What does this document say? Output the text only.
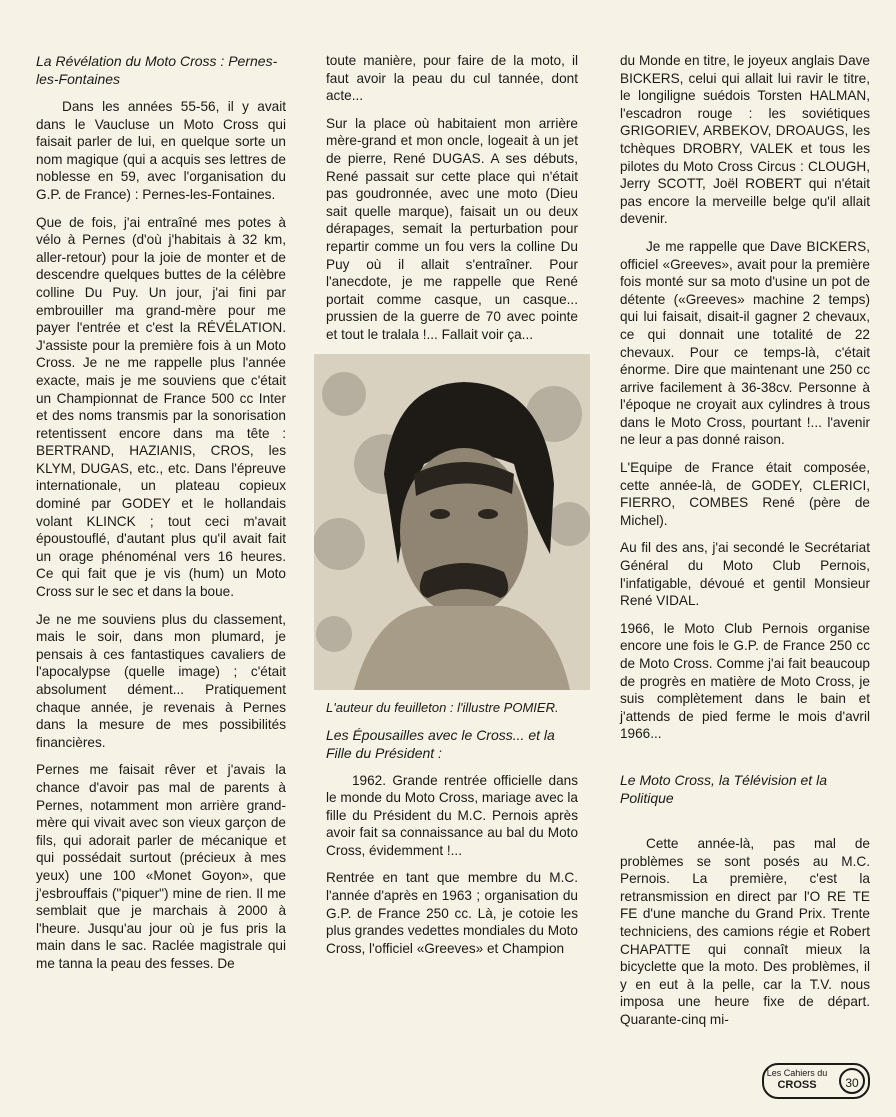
La Révélation du Moto Cross : Pernes-les-Fontaines

Dans les années 55-56, il y avait dans le Vaucluse un Moto Cross qui faisait parler de lui, en quelque sorte un nom magique (qui a acquis ses lettres de noblesse en 59, avec l'organisation du G.P. de France) : Pernes-les-Fontaines.

Que de fois, j'ai entraîné mes potes à vélo à Pernes (d'où j'habitais à 32 km, aller-retour) pour la joie de monter et de descendre quelques buttes de la célèbre colline Du Puy. Un jour, j'ai fini par embrouiller ma grand-mère pour me payer l'entrée et c'est la RÉVÉLATION. J'assiste pour la première fois à un Moto Cross. Je ne me rappelle plus l'année exacte, mais je me souviens que c'était un Championnat de France 500 cc Inter et des noms transmis par la sonorisation retentissent encore dans ma tête : BERTRAND, HAZIANIS, CROS, les KLYM, DUGAS, etc., etc. Dans l'épreuve internationale, un plateau copieux dominé par GODEY et le hollandais volant KLINCK ; tout ceci m'avait époustouflé, d'autant plus qu'il avait fait un orage phénoménal vers 16 heures. Ce qui fait que je vis (hum) un Moto Cross sur le sec et dans la boue.

Je ne me souviens plus du classement, mais le soir, dans mon plumard, je pensais à ces fantastiques cavaliers de l'apocalypse (quelle image) ; c'était absolument dément... Pratiquement chaque année, je revenais à Pernes dans la mesure de mes possibilités financières.

Pernes me faisait rêver et j'avais la chance d'avoir pas mal de parents à Pernes, notamment mon arrière grand-mère qui vivait avec son vieux garçon de fils, qui adorait parler de mécanique et qui possédait surtout (précieux à mes yeux) une 100 «Monet Goyon», que j'esbrouffais ("piquer") mine de rien. Il me semblait que je marchais à 2000 à l'heure. Jusqu'au jour où je fus pris la main dans le sac. Raclée magistrale qui me tanna la peau des fesses. De

toute manière, pour faire de la moto, il faut avoir la peau du cul tannée, dont acte...

Sur la place où habitaient mon arrière mère-grand et mon oncle, logeait à un jet de pierre, René DUGAS. A ses débuts, René passait sur cette place qui n'était pas goudronnée, avec une moto (Dieu sait quelle marque), faisait un ou deux dérapages, semait la perturbation pour repartir comme un fou vers la colline Du Puy où il allait s'entraîner. Pour l'anecdote, je me rappelle que René portait comme casque, un casque... prussien de la guerre de 70 avec pointe et tout le tralala !... Fallait voir ça...

L'auteur du feuilleton : l'illustre POMIER.

Les Épousailles avec le Cross... et la Fille du Président :

1962. Grande rentrée officielle dans le monde du Moto Cross, mariage avec la fille du Président du M.C. Pernois après avoir fait sa connaissance au bal du Moto Cross, évidemment !...

Rentrée en tant que membre du M.C. l'année d'après en 1963 ; organisation du G.P. de France 250 cc. Là, je cotoie les plus grandes vedettes mondiales du Moto Cross, l'officiel «Greeves» et Champion

du Monde en titre, le joyeux anglais Dave BICKERS, celui qui allait lui ravir le titre, le longiligne suédois Torsten HALMAN, l'escadron rouge : les soviétiques GRIGORIEV, ARBEKOV, DROAUGS, les tchèques DROBRY, VALEK et tous les pilotes du Moto Cross Circus : CLOUGH, Jerry SCOTT, Joël ROBERT qui n'était pas encore la merveille belge qu'il allait devenir.

Je me rappelle que Dave BICKERS, officiel «Greeves», avait pour la première fois monté sur sa moto d'usine un pot de détente («Greeves» machine 2 temps) qui lui faisait, disait-il gagner 2 chevaux, ce qui donnait une totalité de 22 chevaux. Pour ce temps-là, c'était énorme. Dire que maintenant une 250 cc arrive facilement à 36-38cv. Personne à l'époque ne croyait aux cylindres à trous dans le Moto Cross, pourtant !... l'avenir ne leur a pas donné raison.

L'Equipe de France était composée, cette année-là, de GODEY, CLERICI, FIERRO, COMBES René (père de Michel).

Au fil des ans, j'ai secondé le Secrétariat Général du Moto Club Pernois, l'infatigable, dévoué et gentil Monsieur René VIDAL.

1966, le Moto Club Pernois organise encore une fois le G.P. de France 250 cc de Moto Cross. Comme j'ai fait beaucoup de progrès en matière de Moto Cross, je suis complètement dans le bain et j'attends de pied ferme le mois d'avril 1966...

Le Moto Cross, la Télévision et la Politique

Cette année-là, pas mal de problèmes se sont posés au M.C. Pernois. La première, c'est la retransmission en direct par l'O RE TE FE d'une manche du Grand Prix. Trente techniciens, des camions régie et Robert CHAPATTE qui connaît mieux la bicyclette que la moto. Des problèmes, il y en eut à la pelle, car la T.V. nous imposa une heure fixe de départ. Quarante-cinq mi-

Les Cahiers du
CROSS	30
